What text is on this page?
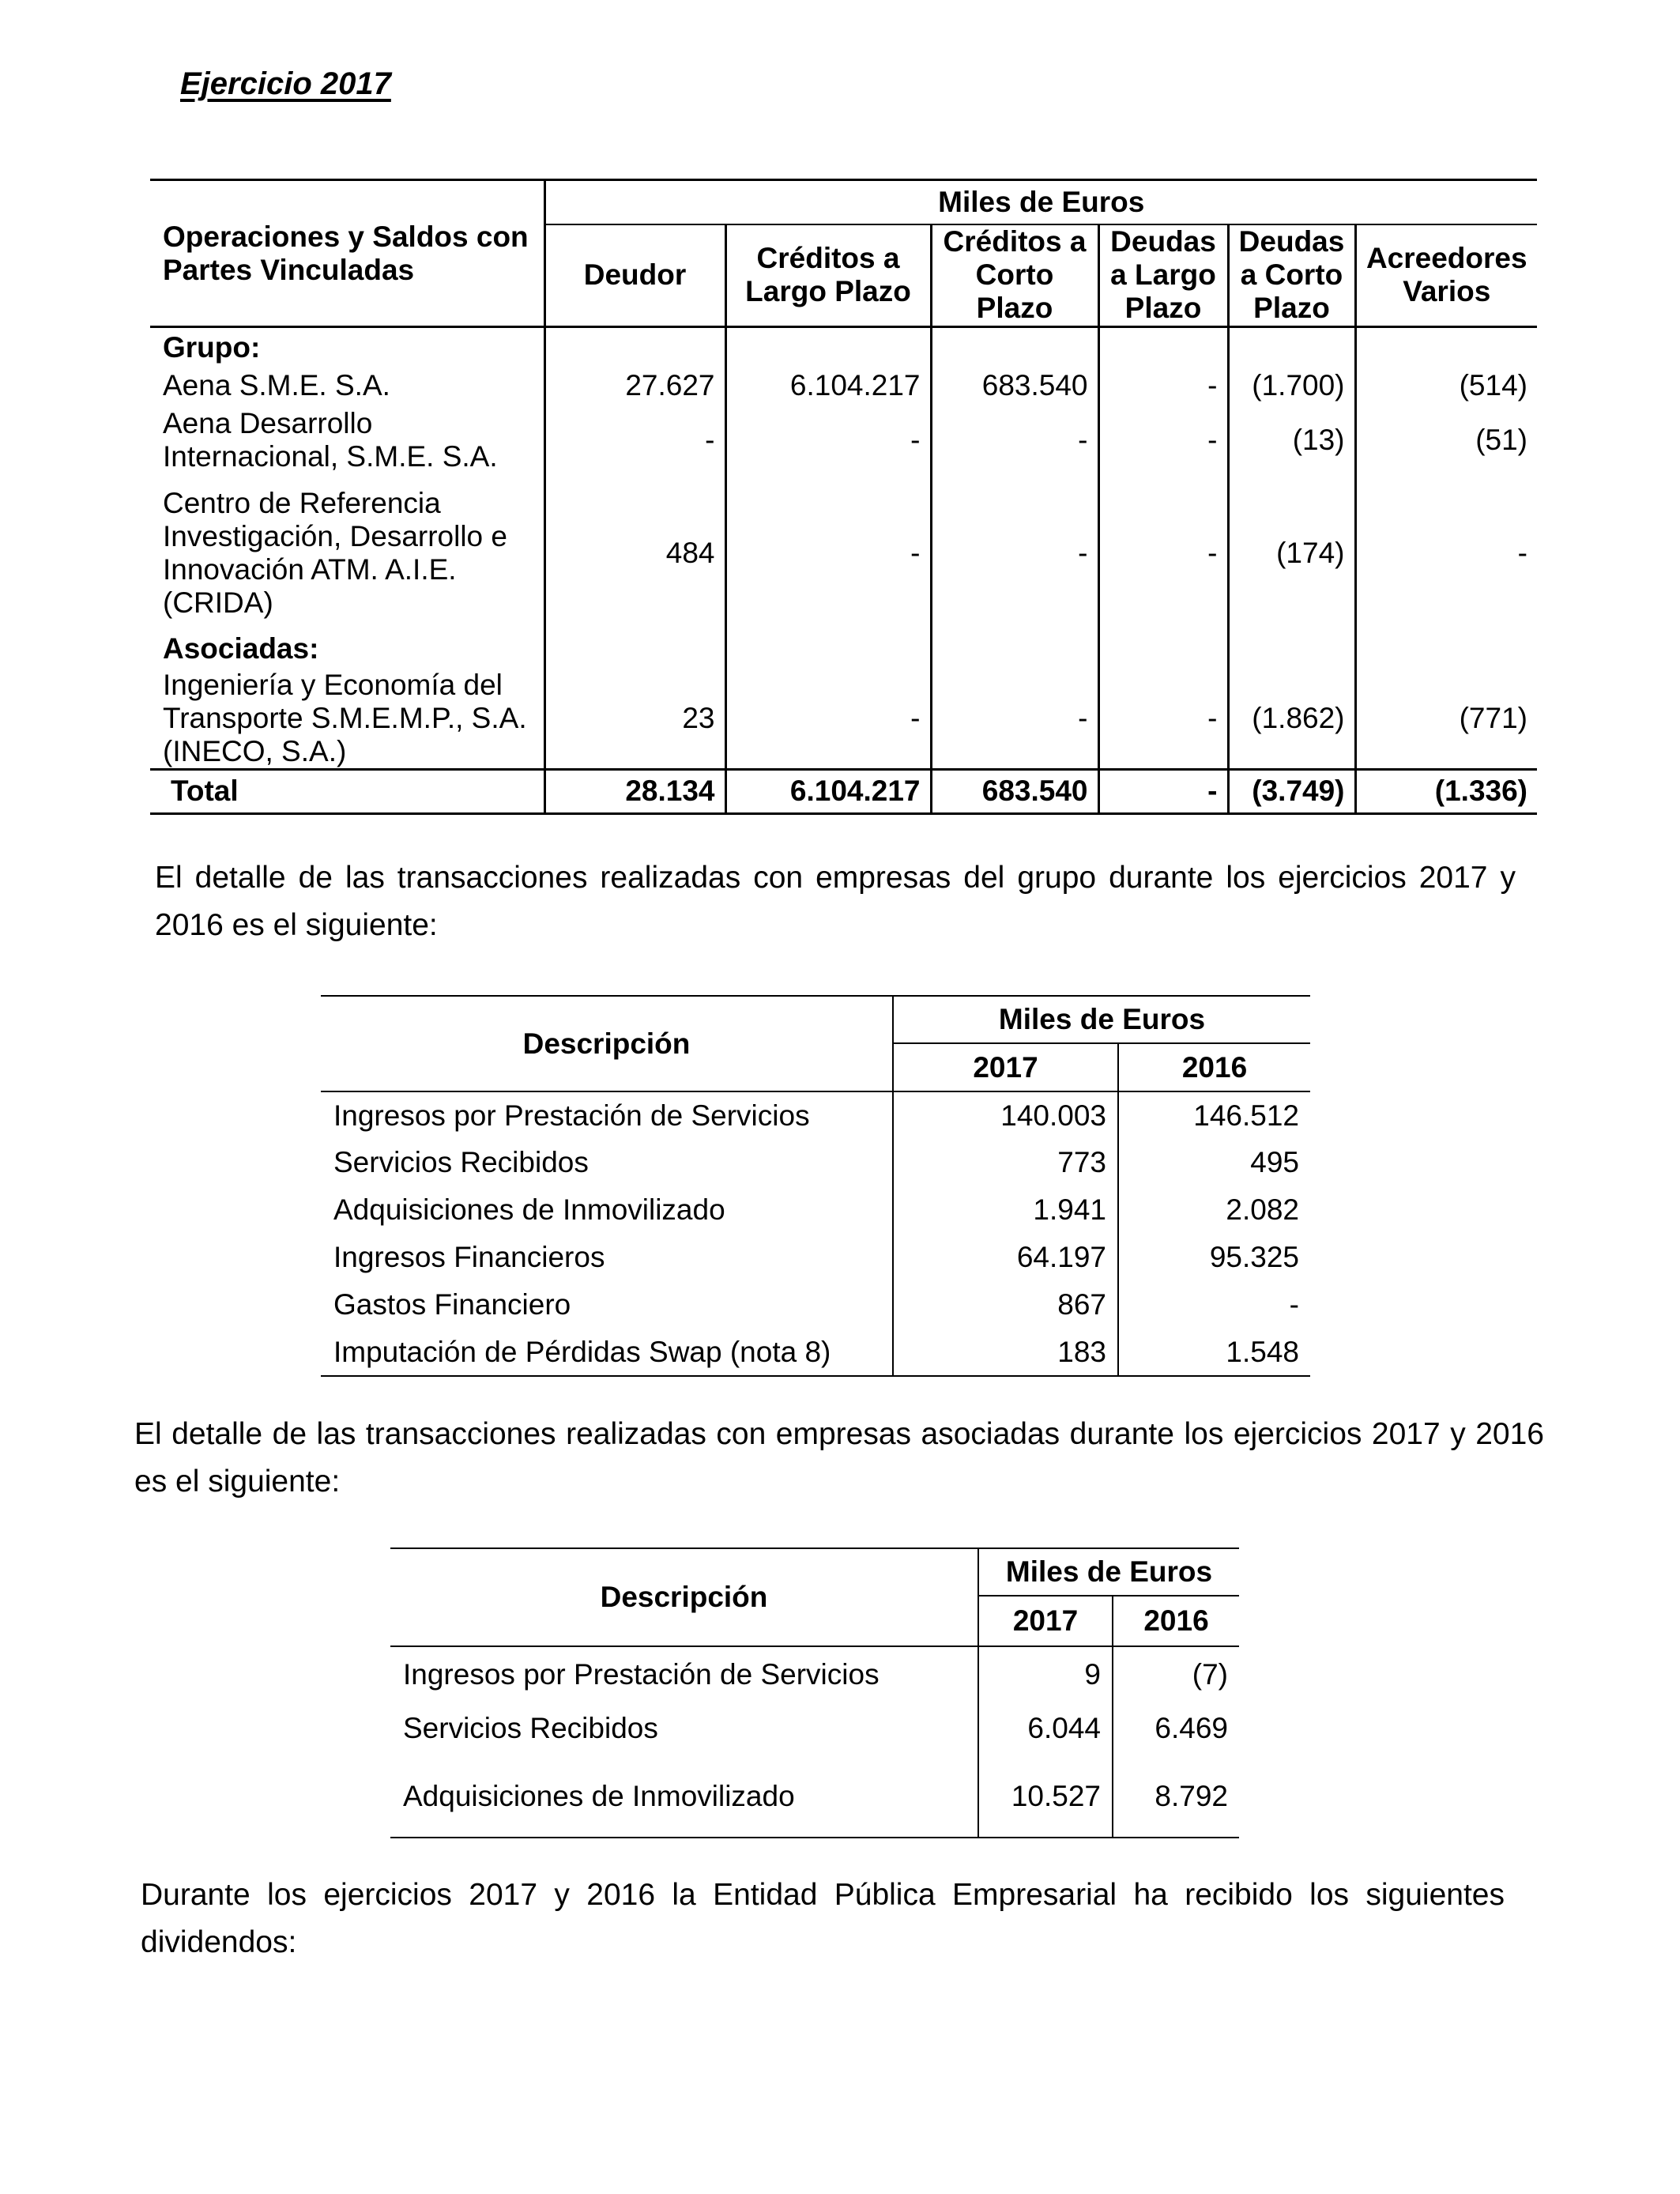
Ejercicio 2017
Operaciones y Saldos con Partes Vinculadas	Miles de Euros					
	Deudor	Créditos a Largo Plazo	Créditos a Corto Plazo	Deudas a Largo Plazo	Deudas a Corto Plazo	Acreedores Varios
Grupo:						
Aena S.M.E. S.A.	27.627	6.104.217	683.540	-	(1.700)	(514)
Aena Desarrollo Internacional, S.M.E. S.A.	-	-	-	-	(13)	(51)
Centro de Referencia Investigación, Desarrollo e Innovación ATM. A.I.E. (CRIDA)	484	-	-	-	(174)	-
Asociadas:						
Ingeniería y Economía del Transporte S.M.E.M.P., S.A. (INECO, S.A.)	23	-	-	-	(1.862)	(771)
Total	28.134	6.104.217	683.540	-	(3.749)	(1.336)
El detalle de las transacciones realizadas con empresas del grupo durante los ejercicios 2017 y 2016 es el siguiente:
Descripción	Miles de Euros	
	2017	2016
Ingresos por Prestación de Servicios	140.003	146.512
Servicios Recibidos	773	495
Adquisiciones de Inmovilizado	1.941	2.082
Ingresos Financieros	64.197	95.325
Gastos Financiero	867	-
Imputación de Pérdidas Swap (nota 8)	183	1.548
El detalle de las transacciones realizadas con empresas asociadas durante los ejercicios 2017 y 2016 es el siguiente:
Descripción	Miles de Euros	
	2017	2016
Ingresos por Prestación de Servicios	9	(7)
Servicios Recibidos	6.044	6.469
Adquisiciones de Inmovilizado	10.527	8.792
Durante los ejercicios 2017 y 2016 la Entidad Pública Empresarial ha recibido los siguientes dividendos:
